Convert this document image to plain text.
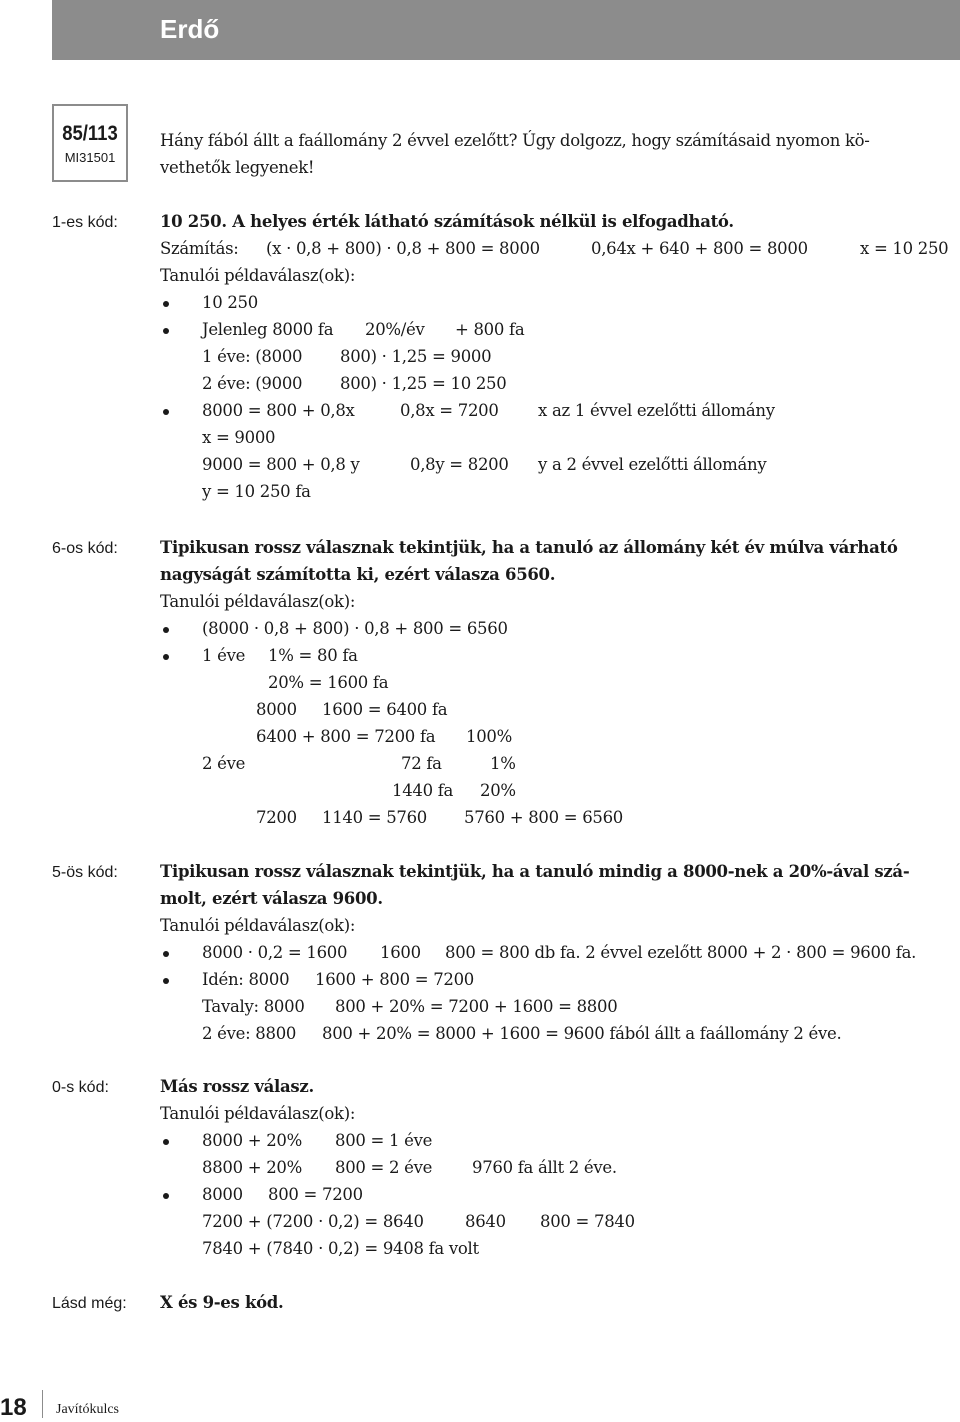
Erdő
85/113
MI31501
Hány fából állt a faállomány 2 évvel ezelőtt? Úgy dolgozz, hogy számításaid nyomon kö-
vethetők legyenek!
1-es kód:	10 250. A helyes érték látható számítások nélkül is elfogadható.
Számítás: (x · 0,8 + 800) · 0,8 + 800 = 8000	0,64x + 640 + 800 = 8000	x = 10 250
Tanulói példaválasz(ok):
10 250
Jelenleg 8000 fa 20%/év + 800 fa
1 éve: (8000 800) · 1,25 = 9000
2 éve: (9000 800) · 1,25 = 10 250
8000 = 800 + 0,8x	0,8x = 7200 x az 1 évvel ezelőtti állomány
x = 9000
9000 = 800 + 0,8 y	0,8y = 8200 y a 2 évvel ezelőtti állomány
y = 10 250 fa
6-os kód:	Tipikusan rossz válasznak tekintjük, ha a tanuló az állomány két év múlva várható
nagyságát számította ki, ezért válasza 6560.
Tanulói példaválasz(ok):
(8000 · 0,8 + 800) · 0,8 + 800 = 6560
1 éve 1% = 80 fa
20% = 1600 fa
8000 1600 = 6400 fa
6400 + 800 = 7200 fa 100%
2 éve	72 fa	1%
1440 fa 20%
7200 1140 = 5760 5760 + 800 = 6560
5-ös kód:	Tipikusan rossz válasznak tekintjük, ha a tanuló mindig a 8000-nek a 20%-ával szá-
molt, ezért válasza 9600.
Tanulói példaválasz(ok):
8000 · 0,2 = 1600 1600 800 = 800 db fa. 2 évvel ezelőtt 8000 + 2 · 800 = 9600 fa.
Idén: 8000 1600 + 800 = 7200
Tavaly: 8000 800 + 20% = 7200 + 1600 = 8800
2 éve: 8800 800 + 20% = 8000 + 1600 = 9600 fából állt a faállomány 2 éve.
0-s kód:	Más rossz válasz.
Tanulói példaválasz(ok):
8000 + 20% 800 = 1 éve
8800 + 20% 800 = 2 éve 9760 fa állt 2 éve.
8000 800 = 7200
7200 + (7200 · 0,2) = 8640	8640 800 = 7840
7840 + (7840 · 0,2) = 9408 fa volt
Lásd még: X és 9-es kód.
18 Javítókulcs
